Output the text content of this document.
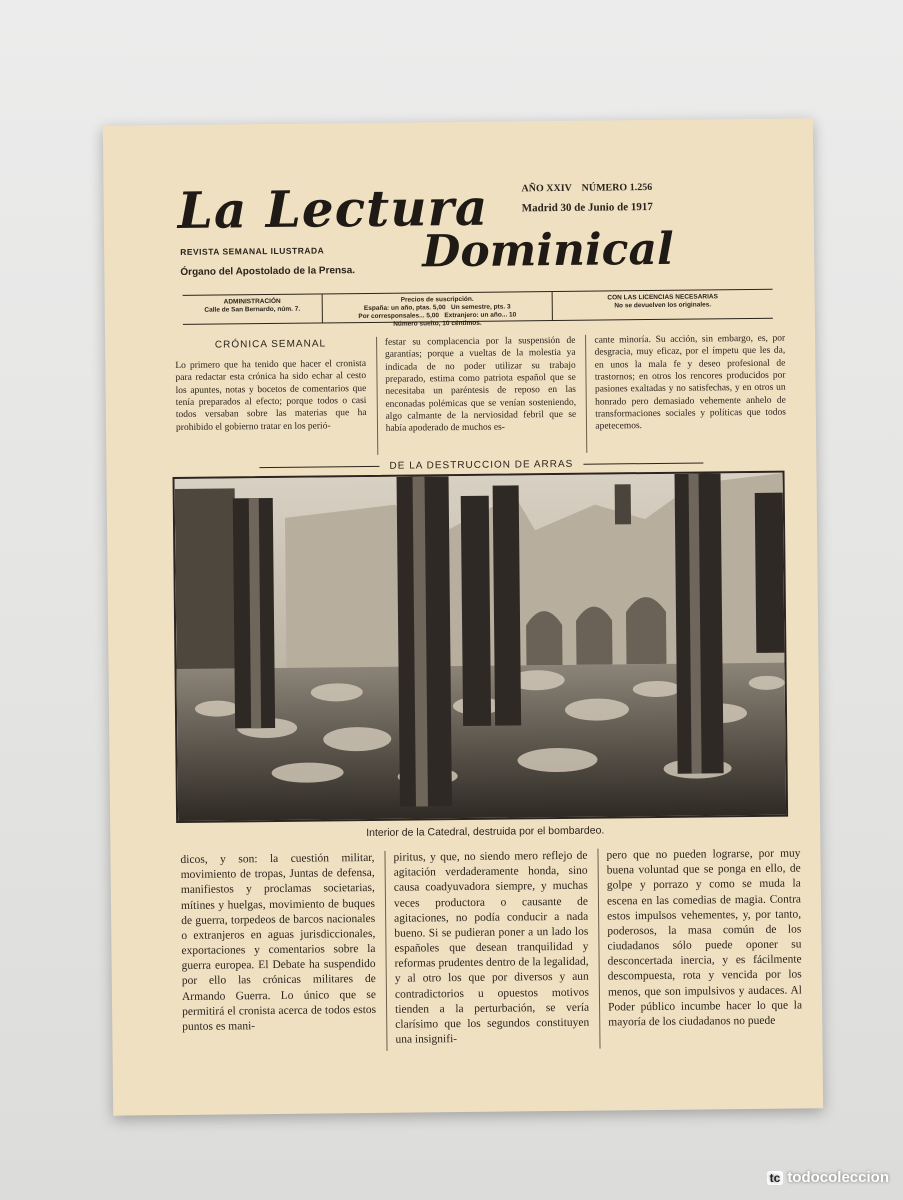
La Lectura
Dominical
REVISTA SEMANAL ILUSTRADA
Órgano del Apostolado de la Prensa.
AÑO XXIV NÚMERO 1.256
Madrid 30 de Junio de 1917
ADMINISTRACIÓN
Calle de San Bernardo, núm. 7.
Precios de suscripción.
España: un año, ptas. 5,00 Un semestre, pts. 3
Por corresponsales... 5,00 Extranjero: un año... 10
Número suelto, 10 céntimos.
CON LAS LICENCIAS NECESARIAS
No se devuelven los originales.
CRÓNICA SEMANAL

Lo primero que ha tenido que hacer el cronista para redactar esta crónica ha sido echar al cesto los apuntes, notas y bocetos de comentarios que tenía preparados al efecto; porque todos o casi todos versaban sobre las materias que ha prohibido el gobierno tratar en los perió-

festar su complacencia por la suspensión de garantías; porque a vueltas de la molestia ya indicada de no poder utilizar su trabajo preparado, estima como patriota español que se necesitaba un paréntesis de reposo en las enconadas polémicas que se venían sosteniendo, algo calmante de la nerviosidad febril que se había apoderado de muchos es-

cante minoría. Su acción, sin embargo, es, por desgracia, muy eficaz, por el ímpetu que les da, en unos la mala fe y deseo profesional de trastornos; en otros los rencores producidos por pasiones exaltadas y no satisfechas, y en otros un honrado pero demasiado vehemente anhelo de transformaciones sociales y políticas que todos apetecemos.

DE LA DESTRUCCION DE ARRAS
Interior de la Catedral, destruida por el bombardeo.

dicos, y son: la cuestión militar, movimiento de tropas, Juntas de defensa, manifiestos y proclamas societarias, mítines y huelgas, movimiento de buques de guerra, torpedeos de barcos nacionales o extranjeros en aguas jurisdiccionales, exportaciones y comentarios sobre la guerra europea. El Debate ha suspendido por ello las crónicas militares de Armando Guerra. Lo único que se permitirá el cronista acerca de todos estos puntos es mani-

piritus, y que, no siendo mero reflejo de agitación verdaderamente honda, sino causa coadyuvadora siempre, y muchas veces productora o causante de agitaciones, no podía conducir a nada bueno. Si se pudieran poner a un lado los españoles que desean tranquilidad y reformas prudentes dentro de la legalidad, y al otro los que por diversos y aun contradictorios u opuestos motivos tienden a la perturbación, se vería clarísimo que los segundos constituyen una insignifi-

pero que no pueden lograrse, por muy buena voluntad que se ponga en ello, de golpe y porrazo y como se muda la escena en las comedias de magia. Contra estos impulsos vehementes, y, por tanto, poderosos, la masa común de los ciudadanos sólo puede oponer su desconcertada inercia, y es fácilmente descompuesta, rota y vencida por los menos, que son impulsivos y audaces. Al Poder público incumbe hacer lo que la mayoría de los ciudadanos no puede

tc todocoleccion
